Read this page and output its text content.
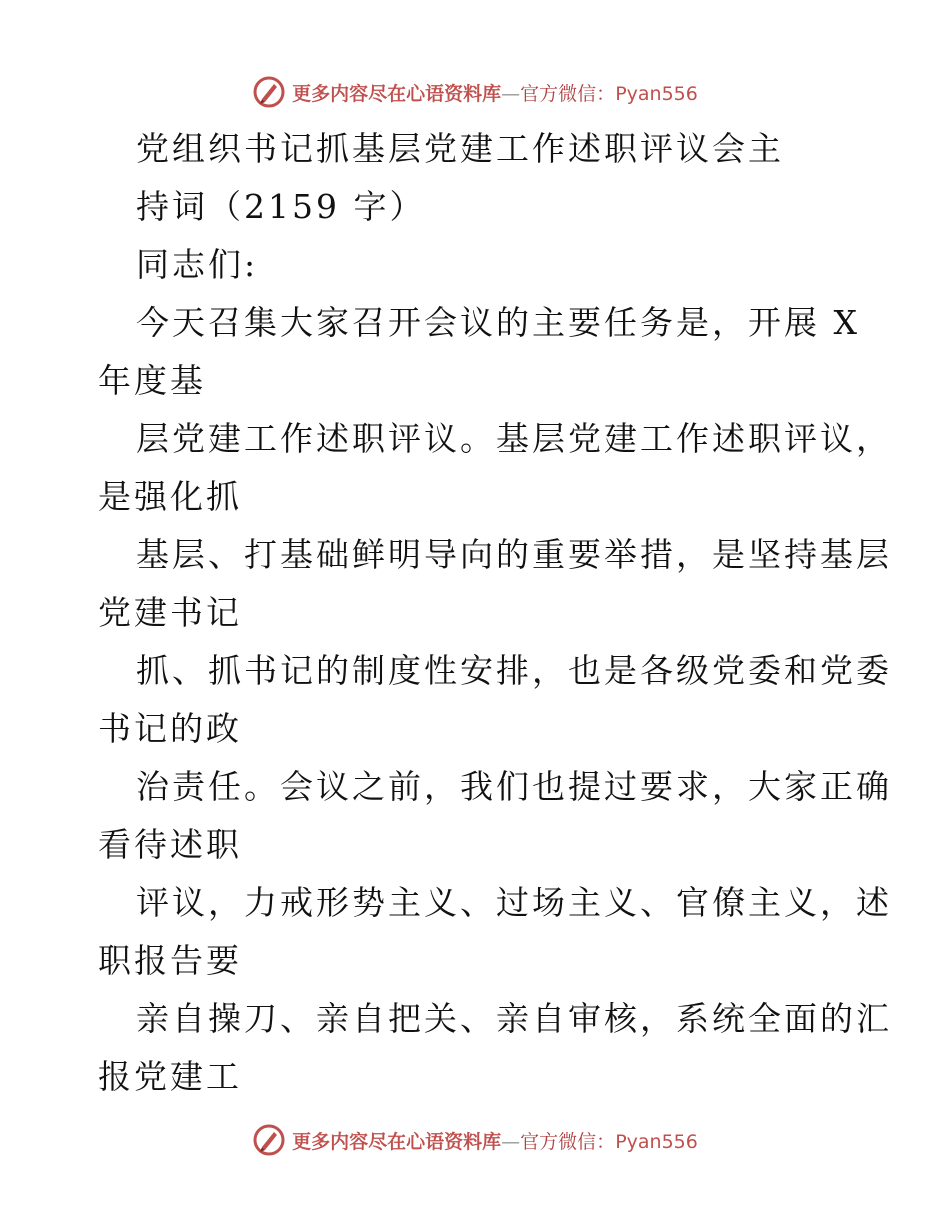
更多内容尽在心语资料库—官方微信：Pyan556
党组织书记抓基层党建工作述职评议会主
持词（2159 字）
同志们:
今天召集大家召开会议的主要任务是，开展 X
年度基
层党建工作述职评议。基层党建工作述职评议，
是强化抓
基层、打基础鲜明导向的重要举措，是坚持基层
党建书记
抓、抓书记的制度性安排，也是各级党委和党委
书记的政
治责任。会议之前，我们也提过要求，大家正确
看待述职
评议，力戒形势主义、过场主义、官僚主义，述
职报告要
亲自操刀、亲自把关、亲自审核，系统全面的汇
报党建工
更多内容尽在心语资料库—官方微信：Pyan556
